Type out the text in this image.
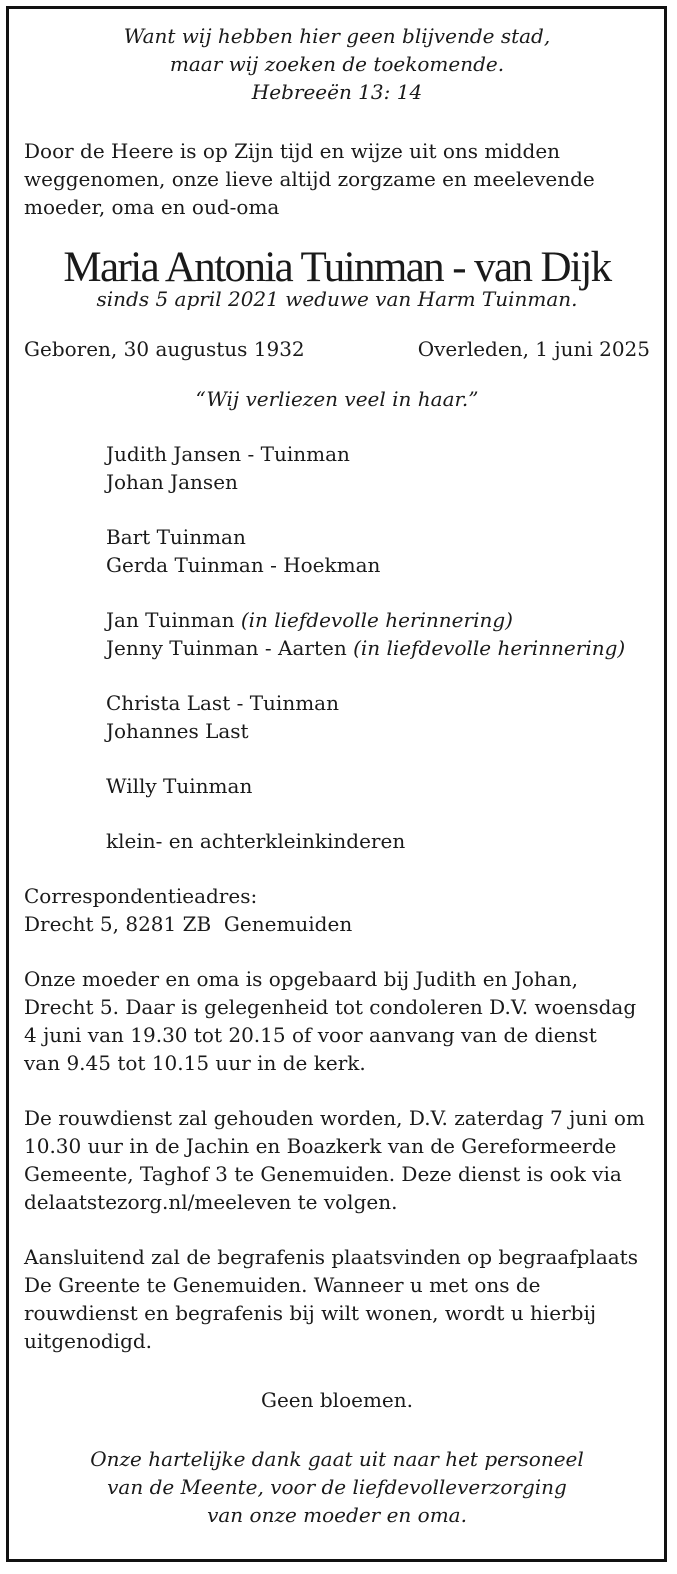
Want wij hebben hier geen blijvende stad,

maar wij zoeken de toekomende.

Hebreeën 13: 14

Door de Heere is op Zijn tijd en wijze uit ons midden

weggenomen, onze lieve altijd zorgzame en meelevende

moeder, oma en oud-oma

Maria Antonia Tuinman - van Dijk

sinds 5 april 2021 weduwe van Harm Tuinman.

Geboren, 30 augustus 1932	Overleden, 1 juni 2025

“Wij verliezen veel in haar.”

Judith Jansen - Tuinman

Johan Jansen

Bart Tuinman

Gerda Tuinman - Hoekman

Jan Tuinman (in liefdevolle herinnering)

Jenny Tuinman - Aarten (in liefdevolle herinnering)

Christa Last - Tuinman

Johannes Last

Willy Tuinman

klein- en achterkleinkinderen

Correspondentieadres:

Drecht 5, 8281 ZB  Genemuiden

Onze moeder en oma is opgebaard bij Judith en Johan,

Drecht 5. Daar is gelegenheid tot condoleren D.V. woensdag

4 juni van 19.30 tot 20.15 of voor aanvang van de dienst

van 9.45 tot 10.15 uur in de kerk.

De rouwdienst zal gehouden worden, D.V. zaterdag 7 juni om

10.30 uur in de Jachin en Boazkerk van de Gereformeerde

Gemeente, Taghof 3 te Genemuiden. Deze dienst is ook via

delaatstezorg.nl/meeleven te volgen.

Aansluitend zal de begrafenis plaatsvinden op begraafplaats

De Greente te Genemuiden. Wanneer u met ons de

rouwdienst en begrafenis bij wilt wonen, wordt u hierbij

uitgenodigd.

Geen bloemen.

Onze hartelijke dank gaat uit naar het personeel

van de Meente, voor de liefdevolleverzorging

van onze moeder en oma.
